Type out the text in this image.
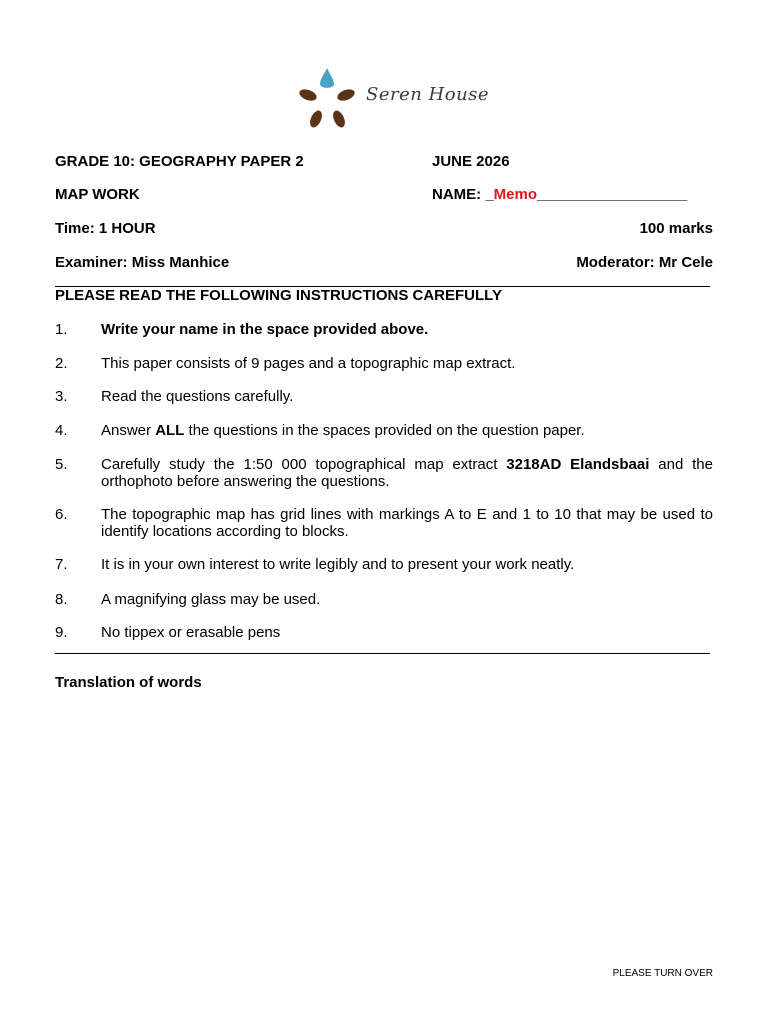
Seren House
GRADE 10: GEOGRAPHY PAPER 2	JUNE 2026
MAP WORK	NAME: _Memo__________________
Time: 1 HOUR	100 marks
Examiner: Miss Manhice	Moderator: Mr Cele
PLEASE READ THE FOLLOWING INSTRUCTIONS CAREFULLY
1. Write your name in the space provided above.
2. This paper consists of 9 pages and a topographic map extract.
3. Read the questions carefully.
4. Answer ALL the questions in the spaces provided on the question paper.
5. Carefully study the 1:50 000 topographical map extract 3218AD Elandsbaai and the orthophoto before answering the questions.
6. The topographic map has grid lines with markings A to E and 1 to 10 that may be used to identify locations according to blocks.
7. It is in your own interest to write legibly and to present your work neatly.
8. A magnifying glass may be used.
9. No tippex or erasable pens
Translation of words
PLEASE TURN OVER
